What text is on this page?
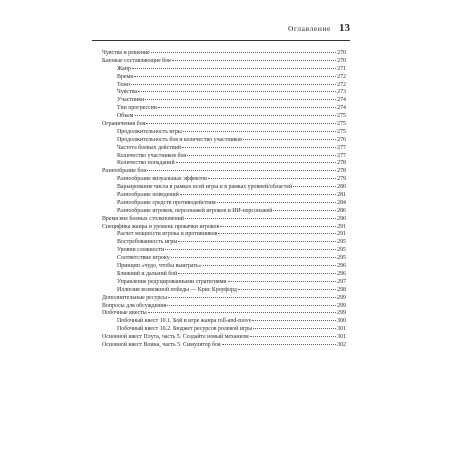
Оглавление 13
Чувства и решение	270
Базовые составляющие боя	270
Жанр	271
Время	272
Темп	272
Чувства	273
Участники	274
Тип прогрессии	274
Объем	275
Ограничения боя	275
Продолжительность игры	275
Продолжительность боя и количество участников	276
Частота боевых действий	277
Количество участников боя	277
Количество попаданий	278
Разнообразие боя	278
Разнообразие визуальных эффектов	279
Варьирование числа в рамках всей игры и в рамках уровней/областей	280
Разнообразие поведений	281
Разнообразие средств противодействия	284
Разнообразие игроков, персонажей игроков и ИИ-персонажей	286
Время вне боевых столкновений	290
Специфика жанра и уровень прокачки игроков	291
Расчет мощности игрока и противников	291
Востребованность игры	295
Уровни сложности	295
Соответствие игроку	295
Принцип «чудо, чтобы выиграть»	296
Ближний и дальний бой	296
Управление редуцированными стратегиями	297
Иллюзия возможной победы — Крис Кроуфорд	298
Дополнительные ресурсы	299
Вопросы для обсуждения	299
Побочные квесты	299
Побочный квест 10.1. Бой в игре жанра roll-and-move	300
Побочный квест 10.2. Бюджет ресурсов ролевой игры	301
Основной квест Плута, часть 5. Создайте новый механизм	301
Основной квест Воина, часть 5. Симулятор боя	302
